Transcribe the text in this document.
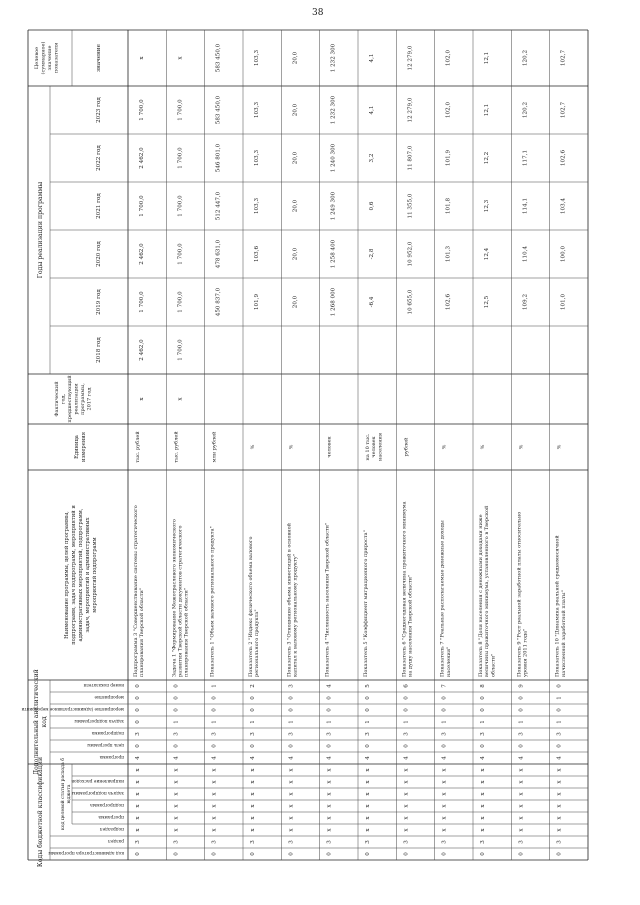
38
Коды бюджетной классификации	код целевой статьи расхода б юджета
код администратора программы
раздел
подраздел
программа
подпрограмма
задача подпрограммы
направление расходов
Дополнительный аналитический код
программа
цель программы
подпрограмма
задача подпрограммы
мероприятие (административное мероприяти
мероприятие
номер показателя
Наименование программы, целей программы, подпрограмм, задач подпрограмм, мероприятий и административных мероприятий, подпрограмм, задач, мероприятий и административных мероприятий подпрограмм
Единица измерения
Фактический год, предшествующий реализации программы, 2017 год
Годы реализации программы
2018 год
2019 год
2020 год
2021 год
2022 год
2023 год
Целевое (суммарное) значение показателя	значение
0
3
x
x
x
x
x
x
4
0
3
0
0
0
0
Подпрограмма 3 "Совершенствование системы стратегического планирования Тверской области"
тыс. рублей
x
2 462,0
1 700,0
2 462,0
1 700,0
2 462,0
1 700,0
x
0
3
x
x
x
x
x
x
4
0
3
1
0
0
0
Задача 1 "Формирование Межотраслевого экономического развития Тверской области документов стратегического планирования Тверской области"
тыс. рублей
x
1 700,0
1 700,0
1 700,0
1 700,0
1 700,0
1 700,0
x
0
3
x
x
x
x
x
x
4
0
3
1
0
0
1
Показатель 1 "Объем валового регионального продукта"
млн рублей
450 837,0
478 631,0
512 447,0
546 801,0
583 450,0
583 450,0
0
3
x
x
x
x
x
x
4
0
3
1
0
0
2
Показатель 2 "Индекс физического объема валового регионального продукта"
%
101,9
103,6
103,3
103,3
103,3
103,3
0
3
x
x
x
x
x
x
4
0
3
1
0
0
3
Показатель 3 "Отношение объема инвестиций в основной капитал к валовому региональному продукту"
%
20,0
20,0
20,0
20,0
20,0
20,0
0
3
x
x
x
x
x
x
4
0
3
1
0
0
4
Показатель 4 "Численность населения Тверской области"
человек
1 268 000
1 258 400
1 249 300
1 240 300
1 232 300
1 232 300
0
3
x
x
x
x
x
x
4
0
3
1
0
0
5
Показатель 5 "Коэффициент миграционного прироста"
на 10 тыс. человек населения
-6,4
-2,8
0,6
3,2
4,1
4,1
0
3
x
x
x
x
x
x
4
0
3
1
0
0
6
Показатель 6 "Среднегодовая величина прожиточного минимума на душу населения Тверской области"
рублей
10 655,0
10 952,0
11 355,0
11 807,0
12 279,0
12 279,0
0
3
x
x
x
x
x
x
4
0
3
1
0
0
7
Показатель 7 "Реальные располагаемые денежные доходы населения"
%
102,6
101,3
101,8
101,9
102,0
102,0
0
3
x
x
x
x
x
x
4
0
3
1
0
0
8
Показатель 8 "Доля населения с денежными доходами ниже величины прожиточного минимума, установленного в Тверской области"
%
12,5
12,4
12,3
12,2
12,1
12,1
0
3
x
x
x
x
x
x
4
0
3
1
0
0
9
Показатель 9 "Рост реальной заработной платы относительно уровня 2011 года"
%
109,2
110,4
114,1
117,1
120,2
120,2
0
3
x
x
x
x
x
x
4
0
3
1
0
1
0
Показатель 10 "Динамика реальной среднемесячной начисленной заработной платы"
%
101,0
100,0
103,4
102,6
102,7
102,7
